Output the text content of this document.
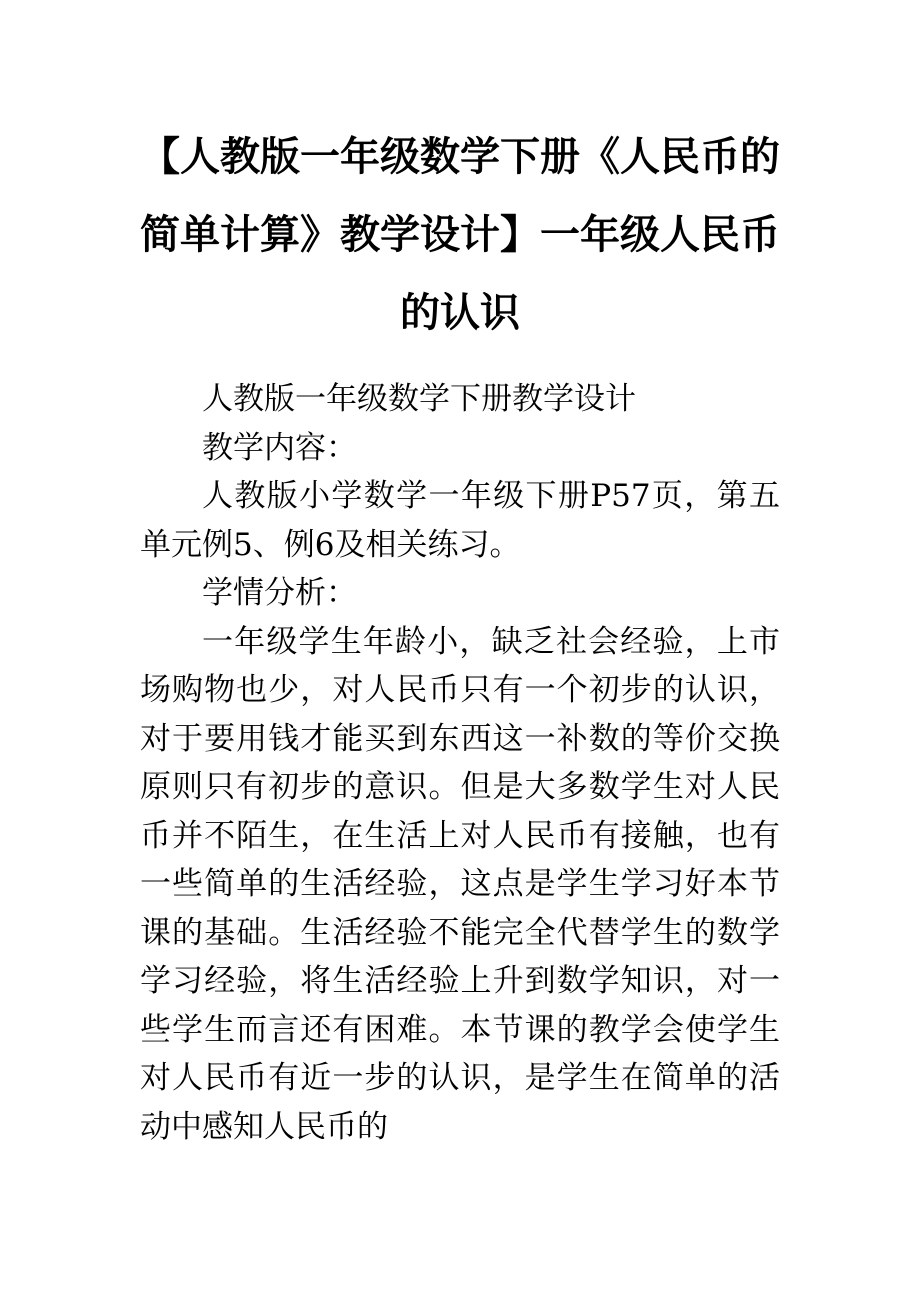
【人教版一年级数学下册《人民币的简单计算》教学设计】一年级人民币的认识

人教版一年级数学下册教学设计

教学内容：

人教版小学数学一年级下册P57页，第五单元例5、例6及相关练习。

学情分析：

一年级学生年龄小，缺乏社会经验，上市场购物也少，对人民币只有一个初步的认识，对于要用钱才能买到东西这一补数的等价交换原则只有初步的意识。但是大多数学生对人民币并不陌生，在生活上对人民币有接触，也有一些简单的生活经验，这点是学生学习好本节课的基础。生活经验不能完全代替学生的数学学习经验，将生活经验上升到数学知识，对一些学生而言还有困难。本节课的教学会使学生对人民币有近一步的认识，是学生在简单的活动中感知人民币的
